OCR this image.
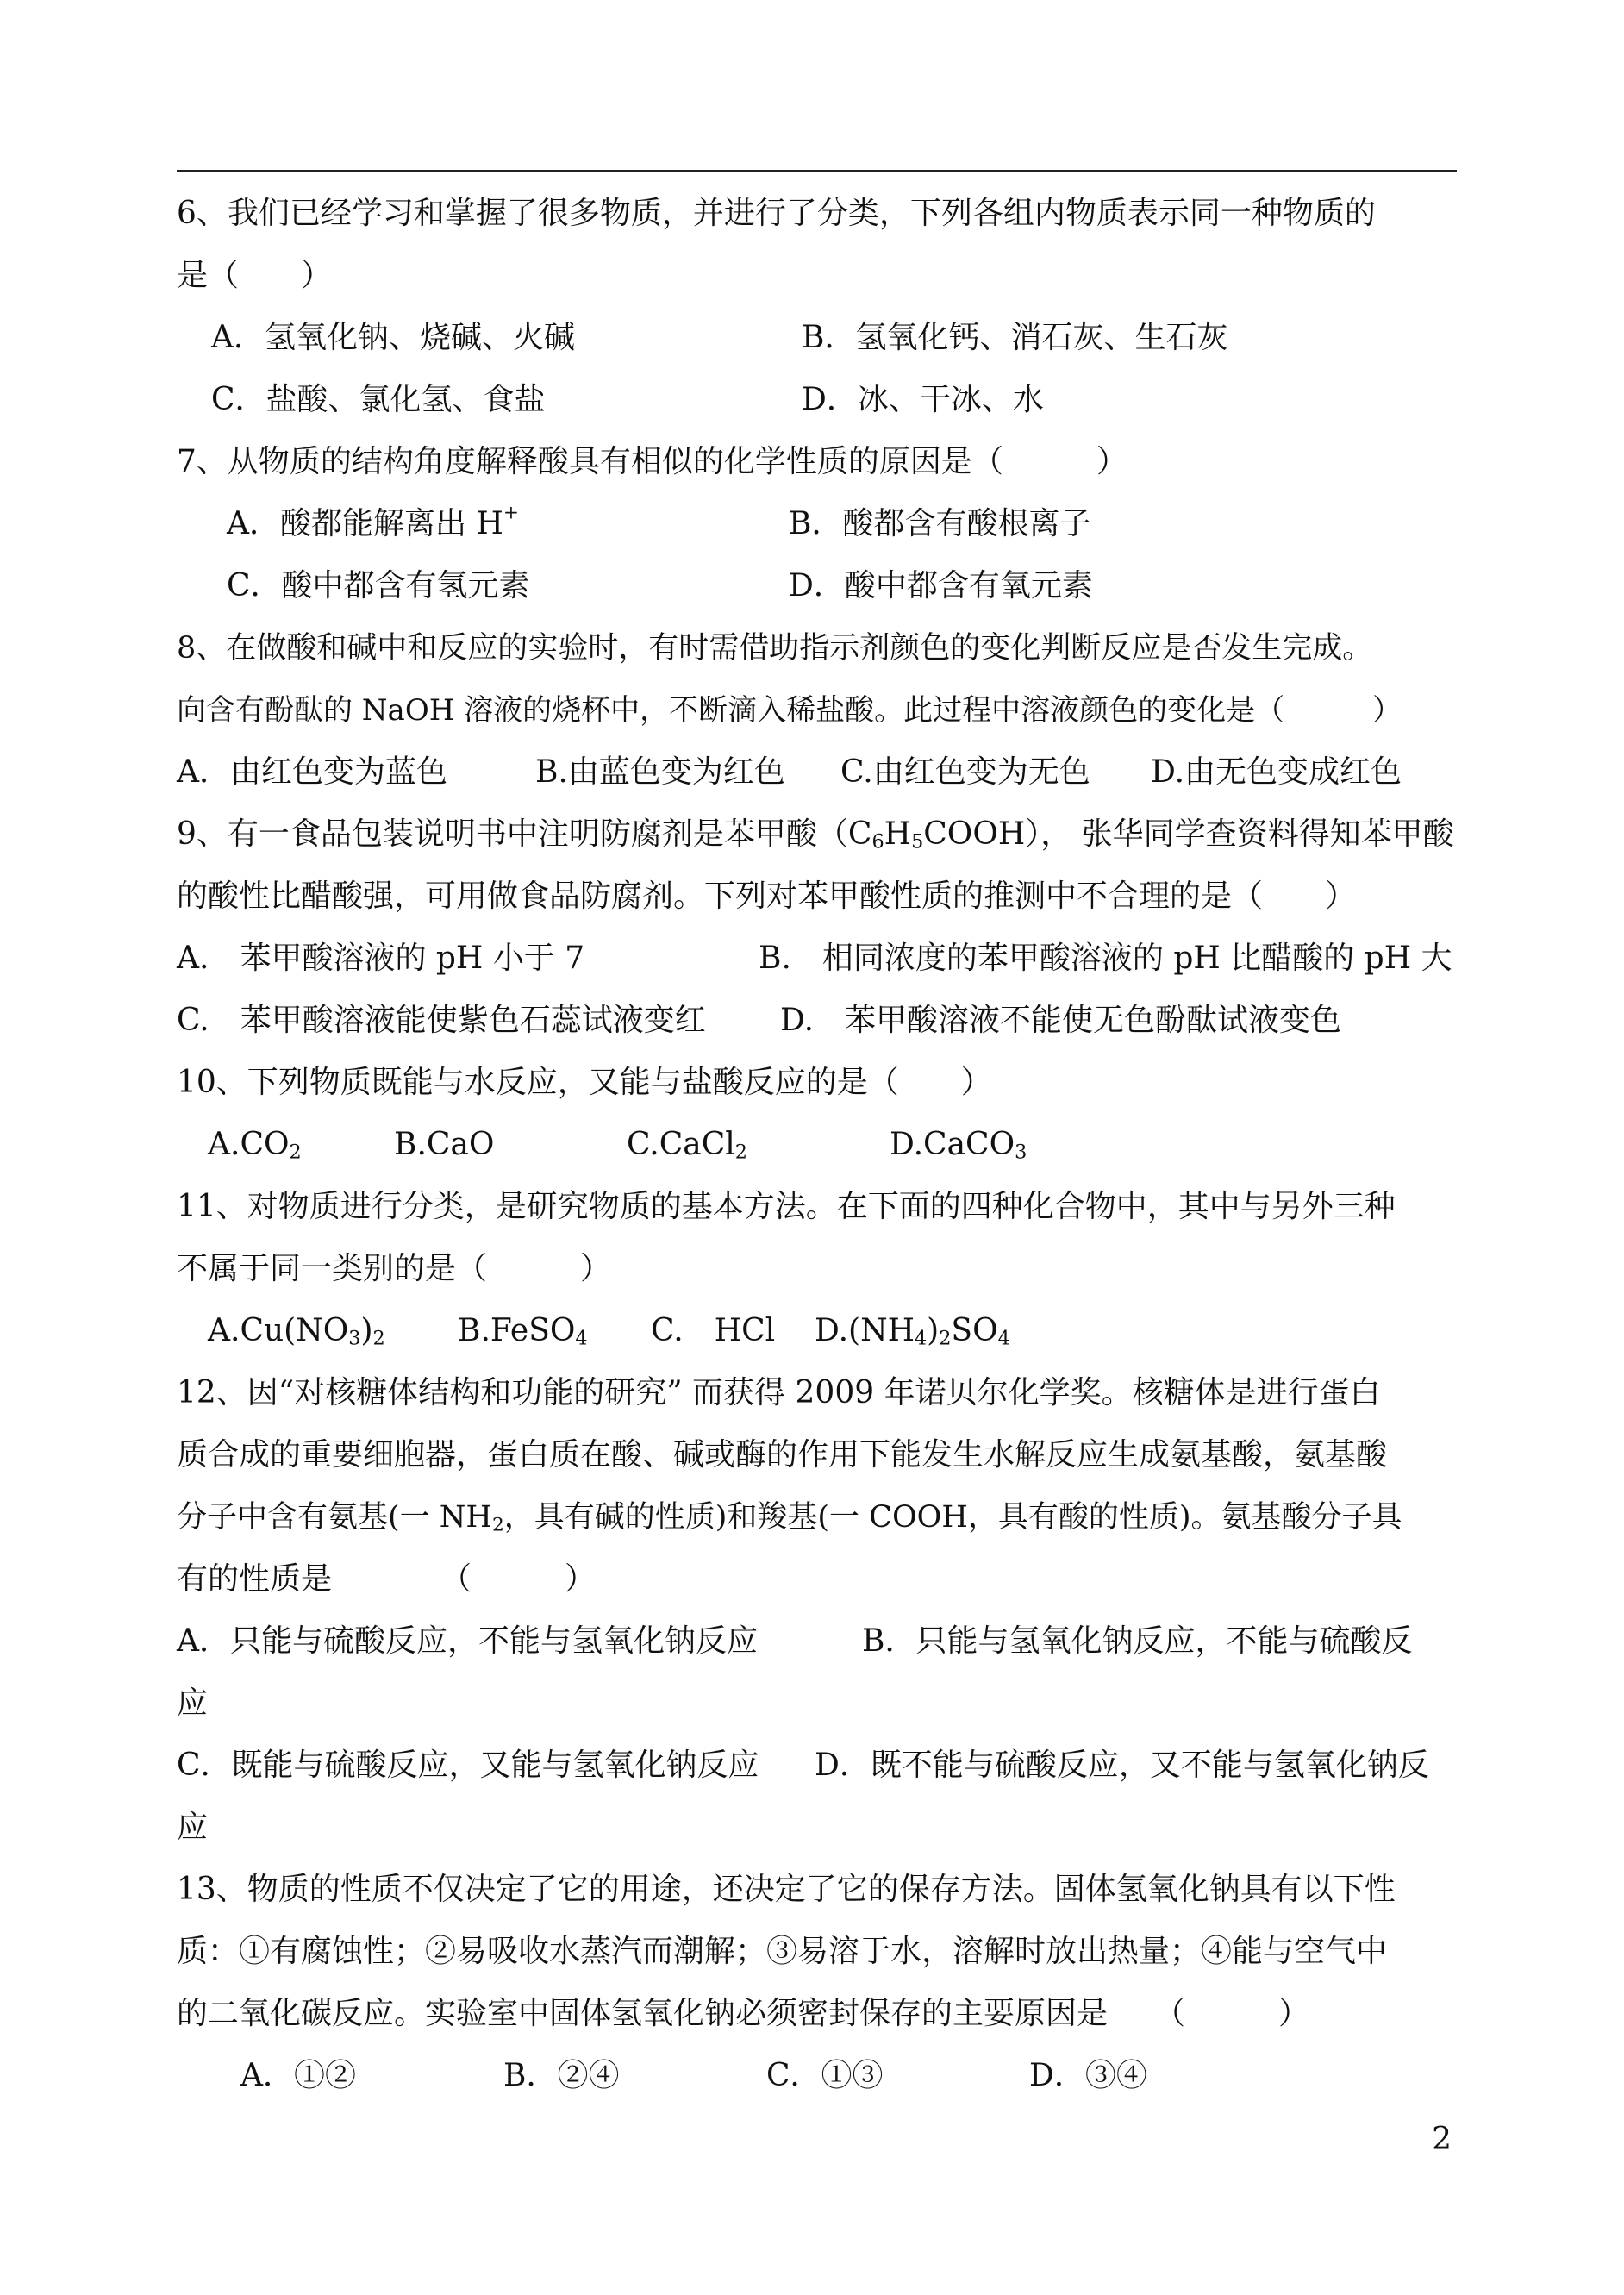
6、我们已经学习和掌握了很多物质，并进行了分类，下列各组内物质表示同一种物质的
是（　　）
A．氢氧化钠、烧碱、火碱	B．氢氧化钙、消石灰、生石灰
C．盐酸、氯化氢、食盐	D．冰、干冰、水
7、从物质的结构角度解释酸具有相似的化学性质的原因是（　　　）
A．酸都能解离出 H+	B．酸都含有酸根离子
C．酸中都含有氢元素	D．酸中都含有氧元素
8、在做酸和碱中和反应的实验时，有时需借助指示剂颜色的变化判断反应是否发生完成。
向含有酚酞的 NaOH 溶液的烧杯中，不断滴入稀盐酸。此过程中溶液颜色的变化是（　　　）
A．由红色变为蓝色	B.由蓝色变为红色	C.由红色变为无色	D.由无色变成红色
9、有一食品包装说明书中注明防腐剂是苯甲酸$(C_6H_5COOH)$， 张华同学查资料得知苯甲酸
的酸性比醋酸强，可用做食品防腐剂。下列对苯甲酸性质的推测中不合理的是（　　）
A.　苯甲酸溶液的 pH 小于 7	B.　相同浓度的苯甲酸溶液的 pH 比醋酸的 pH 大
C.　苯甲酸溶液能使紫色石蕊试液变红	D.　苯甲酸溶液不能使无色酚酞试液变色
10、下列物质既能与水反应，又能与盐酸反应的是（　　）
$A.CO_2$	B.CaO	C.CaCl$_2$	D.CaCO$_3$
11、对物质进行分类，是研究物质的基本方法。在下面的四种化合物中，其中与另外三种
不属于同一类别的是（　　　）
$A.Cu(NO_3)_2$	B.FeSO$_4$	C.　HCl	$D.(NH_4)_2SO_4$
12、因“对核糖体结构和功能的研究” 而获得 2009 年诺贝尔化学奖。核糖体是进行蛋白
质合成的重要细胞器，蛋白质在酸、碱或酶的作用下能发生水解反应生成氨基酸，氨基酸
分子中含有氨基(一 $NH_2$，具有碱的性质)和羧基(一 COOH，具有酸的性质)。氨基酸分子具
有的性质是　　　　（　　　）
A．只能与硫酸反应，不能与氢氧化钠反应	B．只能与氢氧化钠反应，不能与硫酸反
应
C．既能与硫酸反应，又能与氢氧化钠反应	D．既不能与硫酸反应，又不能与氢氧化钠反
应
13、物质的性质不仅决定了它的用途，还决定了它的保存方法。固体氢氧化钠具有以下性
质：①有腐蚀性；②易吸收水蒸汽而潮解；③易溶于水，溶解时放出热量；④能与空气中
的二氧化碳反应。实验室中固体氢氧化钠必须密封保存的主要原因是　　（　　　）
A．①②	B．②④	C．①③	D．③④
2
